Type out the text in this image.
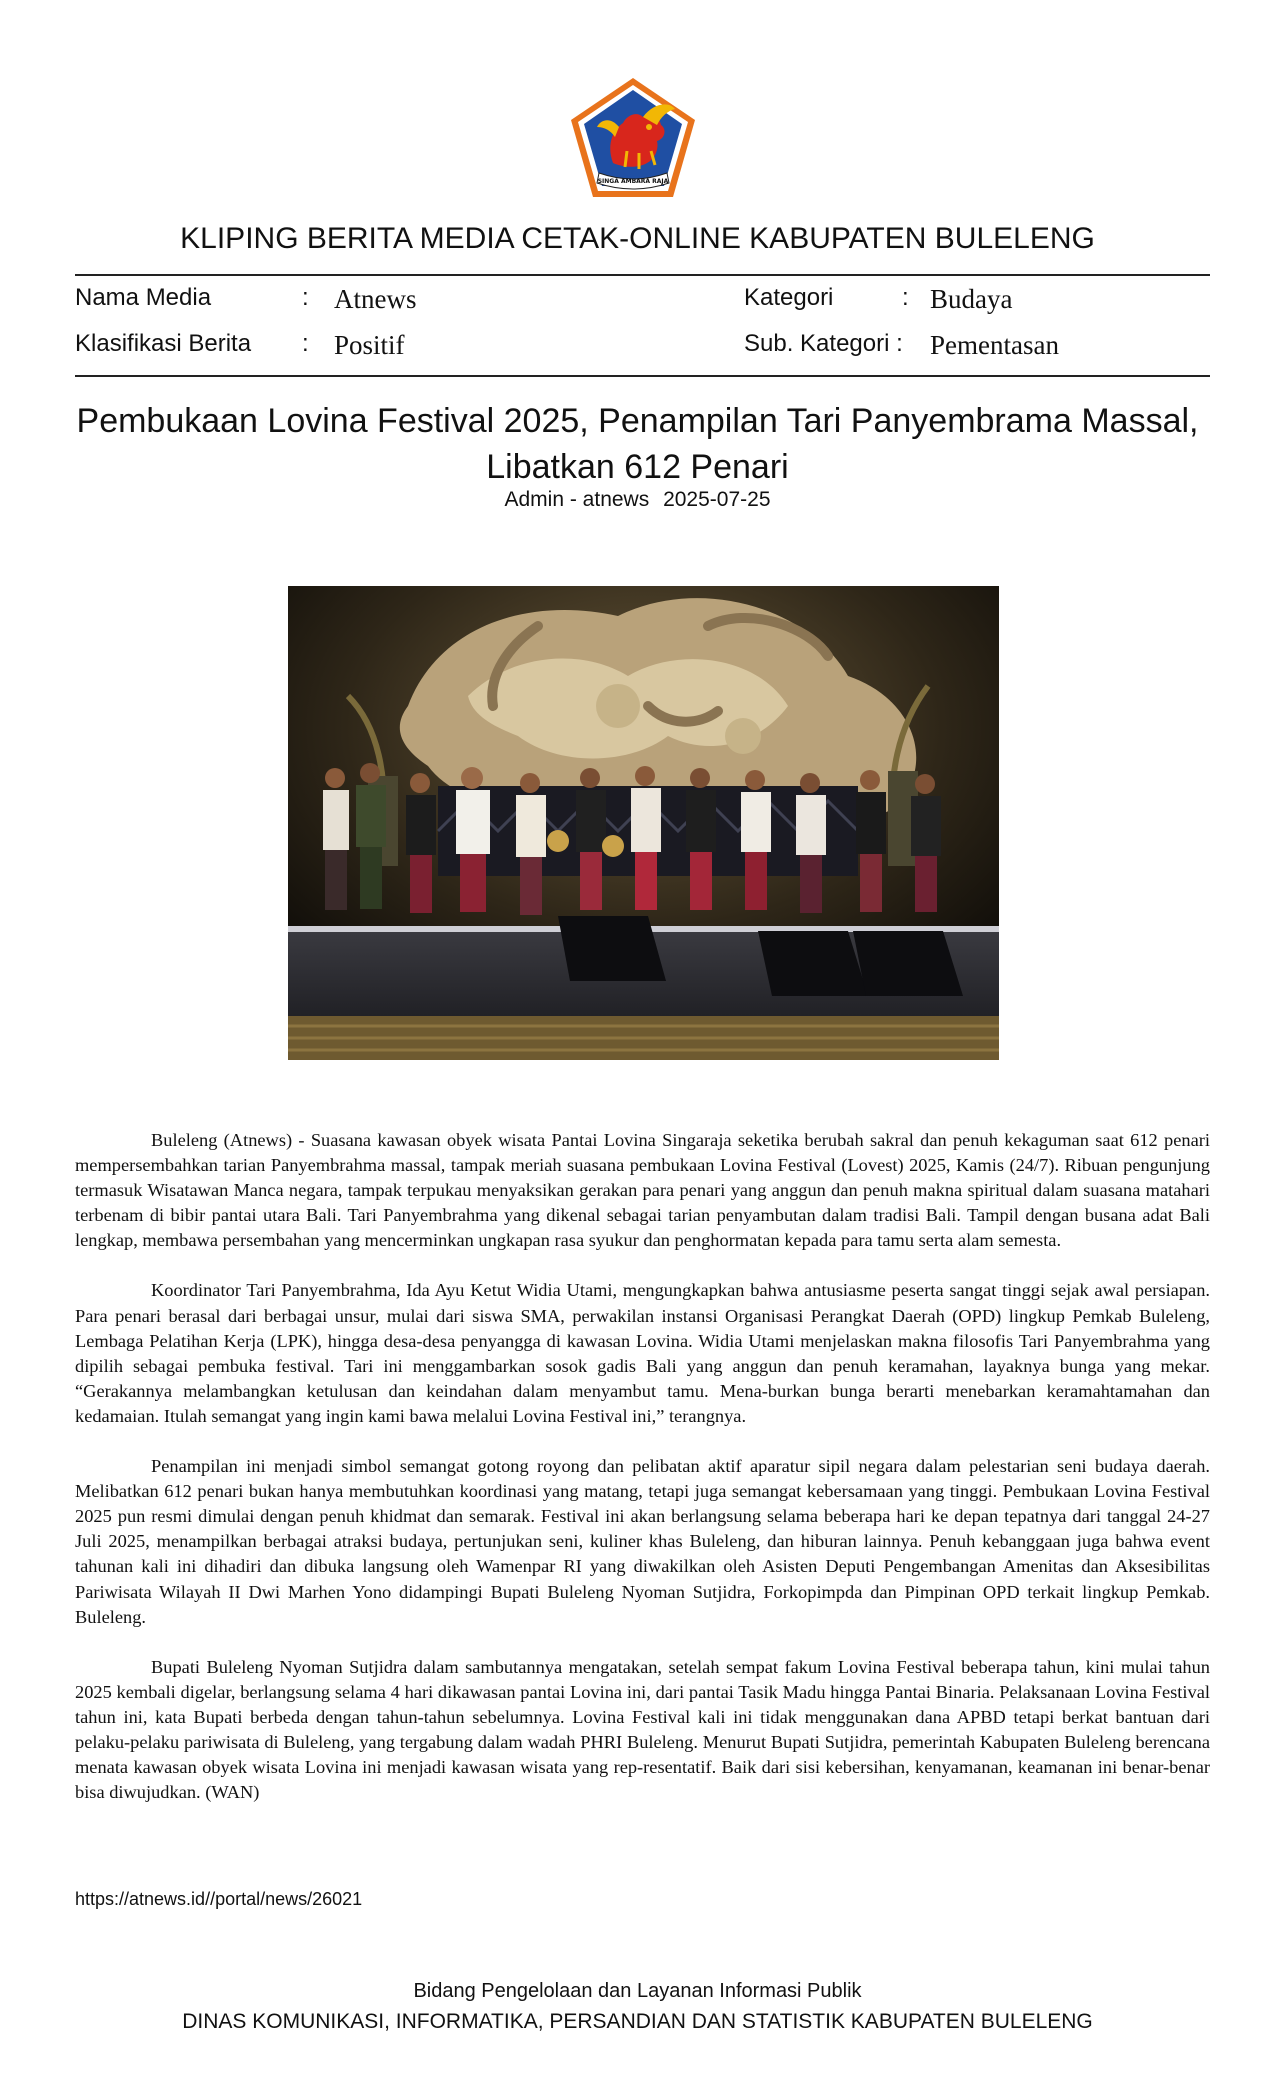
SINGA AMBARA RAJA
KLIPING BERITA MEDIA CETAK-ONLINE KABUPATEN BULELENG
Nama Media	: Atnews	Kategori	: Budaya
Klasifikasi Berita : Positif	Sub. Kategori : Pementasan
Pembukaan Lovina Festival 2025, Penampilan Tari Panyembrama Massal,
Libatkan 612 Penari
Admin - atnews 2025-07-25

Buleleng (Atnews) - Suasana kawasan obyek wisata Pantai Lovina Singaraja seketika berubah sakral dan penuh kekaguman saat 612 penari mempersembahkan tarian Panyembrahma massal, tampak meriah suasana pembukaan Lovina Festival (Lovest) 2025, Kamis (24/7). Ribuan pengunjung termasuk Wisatawan Manca negara, tampak terpukau menyaksikan gerakan para penari yang anggun dan penuh makna spiritual dalam suasana matahari terbenam di bibir pantai utara Bali. Tari Panyembrahma yang dikenal sebagai tarian penyambutan dalam tradisi Bali. Tampil dengan busana adat Bali lengkap, membawa persembahan yang mencerminkan ungkapan rasa syukur dan penghormatan kepada para tamu serta alam semesta.

Koordinator Tari Panyembrahma, Ida Ayu Ketut Widia Utami, mengungkapkan bahwa antusiasme peserta sangat tinggi sejak awal persiapan. Para penari berasal dari berbagai unsur, mulai dari siswa SMA, perwakilan instansi Organisasi Perangkat Daerah (OPD) lingkup Pemkab Buleleng, Lembaga Pelatihan Kerja (LPK), hingga desa-desa penyangga di kawasan Lovina. Widia Utami menjelaskan makna filosofis Tari Panyembrahma yang dipilih sebagai pembuka festival. Tari ini menggambarkan sosok gadis Bali yang anggun dan penuh keramahan, layaknya bunga yang mekar. “Gerakannya melambangkan ketulusan dan keindahan dalam menyambut tamu. Mena-burkan bunga berarti menebarkan keramahtamahan dan kedamaian. Itulah semangat yang ingin kami bawa melalui Lovina Festival ini,” terangnya.

Penampilan ini menjadi simbol semangat gotong royong dan pelibatan aktif aparatur sipil negara dalam pelestarian seni budaya daerah. Melibatkan 612 penari bukan hanya membutuhkan koordinasi yang matang, tetapi juga semangat kebersamaan yang tinggi. Pembukaan Lovina Festival 2025 pun resmi dimulai dengan penuh khidmat dan semarak. Festival ini akan berlangsung selama beberapa hari ke depan tepatnya dari tanggal 24-27 Juli 2025, menampilkan berbagai atraksi budaya, pertunjukan seni, kuliner khas Buleleng, dan hiburan lainnya. Penuh kebanggaan juga bahwa event tahunan kali ini dihadiri dan dibuka langsung oleh Wamenpar RI yang diwakilkan oleh Asisten Deputi Pengembangan Amenitas dan Aksesibilitas Pariwisata Wilayah II Dwi Marhen Yono didampingi Bupati Buleleng Nyoman Sutjidra, Forkopimpda dan Pimpinan OPD terkait lingkup Pemkab. Buleleng.

Bupati Buleleng Nyoman Sutjidra dalam sambutannya mengatakan, setelah sempat fakum Lovina Festival beberapa tahun, kini mulai tahun 2025 kembali digelar, berlangsung selama 4 hari dikawasan pantai Lovina ini, dari pantai Tasik Madu hingga Pantai Binaria. Pelaksanaan Lovina Festival tahun ini, kata Bupati berbeda dengan tahun-tahun sebelumnya. Lovina Festival kali ini tidak menggunakan dana APBD tetapi berkat bantuan dari pelaku-pelaku pariwisata di Buleleng, yang tergabung dalam wadah PHRI Buleleng. Menurut Bupati Sutjidra, pemerintah Kabupaten Buleleng berencana menata kawasan obyek wisata Lovina ini menjadi kawasan wisata yang rep-resentatif. Baik dari sisi kebersihan, kenyamanan, keamanan ini benar-benar bisa diwujudkan. (WAN)

https://atnews.id//portal/news/26021
Bidang Pengelolaan dan Layanan Informasi Publik
DINAS KOMUNIKASI, INFORMATIKA, PERSANDIAN DAN STATISTIK KABUPATEN BULELENG
